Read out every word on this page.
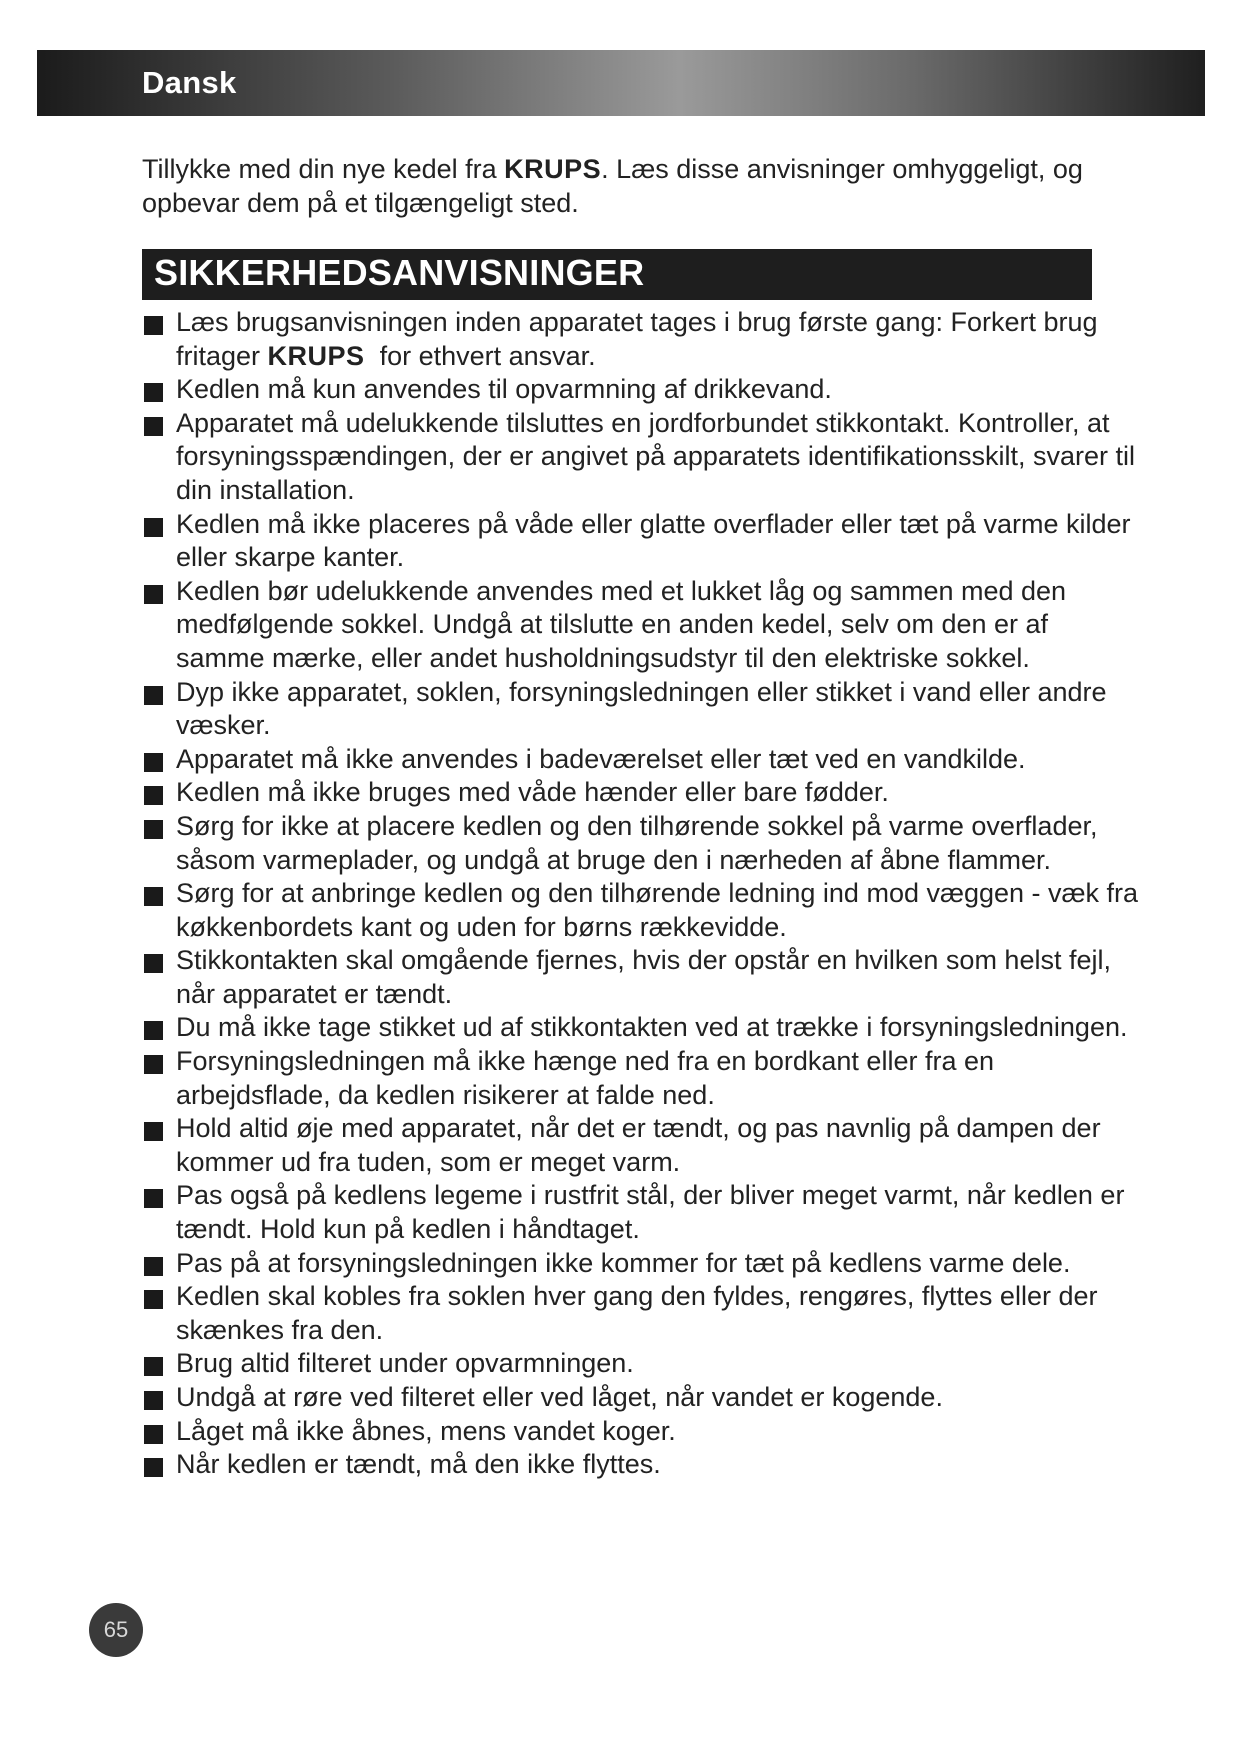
Dansk

Tillykke med din nye kedel fra KRUPS. Læs disse anvisninger omhyggeligt, og opbevar dem på et tilgængeligt sted.

SIKKERHEDSANVISNINGER
Læs brugsanvisningen inden apparatet tages i brug første gang: Forkert brug fritager KRUPS  for ethvert ansvar.
Kedlen må kun anvendes til opvarmning af drikkevand.
Apparatet må udelukkende tilsluttes en jordforbundet stikkontakt. Kontroller, at forsyningsspændingen, der er angivet på apparatets identifikationsskilt, svarer til din installation.
Kedlen må ikke placeres på våde eller glatte overflader eller tæt på varme kilder eller skarpe kanter.
Kedlen bør udelukkende anvendes med et lukket låg og sammen med den medfølgende sokkel. Undgå at tilslutte en anden kedel, selv om den er af samme mærke, eller andet husholdningsudstyr til den elektriske sokkel.
Dyp ikke apparatet, soklen, forsyningsledningen eller stikket i vand eller andre væsker.
Apparatet må ikke anvendes i badeværelset eller tæt ved en vandkilde.
Kedlen må ikke bruges med våde hænder eller bare fødder.
Sørg for ikke at placere kedlen og den tilhørende sokkel på varme overflader, såsom varmeplader, og undgå at bruge den i nærheden af åbne flammer.
Sørg for at anbringe kedlen og den tilhørende ledning ind mod væggen - væk fra køkkenbordets kant og uden for børns rækkevidde.
Stikkontakten skal omgående fjernes, hvis der opstår en hvilken som helst fejl, når apparatet er tændt.
Du må ikke tage stikket ud af stikkontakten ved at trække i forsyningsledningen.
Forsyningsledningen må ikke hænge ned fra en bordkant eller fra en arbejdsflade, da kedlen risikerer at falde ned.
Hold altid øje med apparatet, når det er tændt, og pas navnlig på dampen der kommer ud fra tuden, som er meget varm.
Pas også på kedlens legeme i rustfrit stål, der bliver meget varmt, når kedlen er tændt. Hold kun på kedlen i håndtaget.
Pas på at forsyningsledningen ikke kommer for tæt på kedlens varme dele.
Kedlen skal kobles fra soklen hver gang den fyldes, rengøres, flyttes eller der skænkes fra den.
Brug altid filteret under opvarmningen.
Undgå at røre ved filteret eller ved låget, når vandet er kogende.
Låget må ikke åbnes, mens vandet koger.
Når kedlen er tændt, må den ikke flyttes.
65
